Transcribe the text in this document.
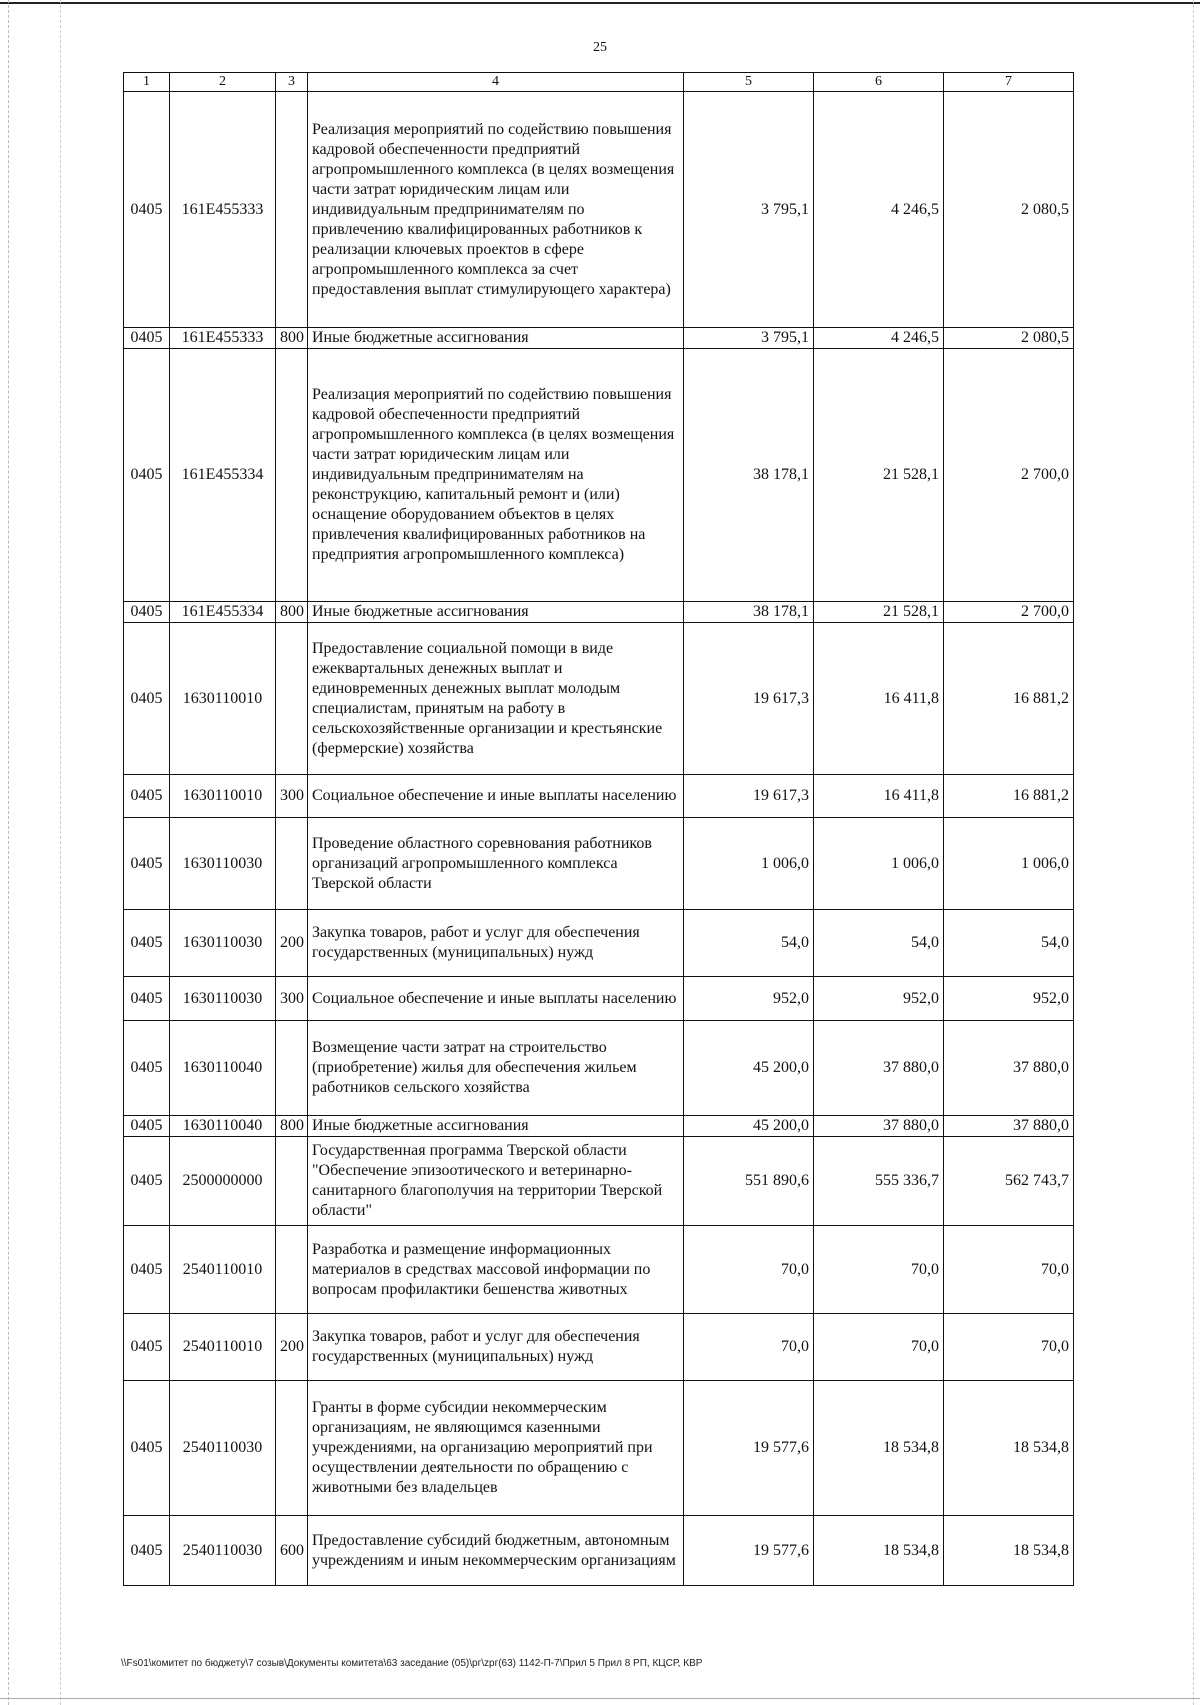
25
1	2	3	4	5	6	7
0405	161E455333		Реализация мероприятий по содействию повышения кадровой обеспеченности предприятий агропромышленного комплекса (в целях возмещения части затрат юридическим лицам или индивидуальным предпринимателям по привлечению квалифицированных работников к реализации ключевых проектов в сфере агропромышленного комплекса за счет предоставления выплат стимулирующего характера)	3 795,1	4 246,5	2 080,5
0405	161E455333	800	Иные бюджетные ассигнования	3 795,1	4 246,5	2 080,5
0405	161E455334		Реализация мероприятий по содействию повышения кадровой обеспеченности предприятий агропромышленного комплекса (в целях возмещения части затрат юридическим лицам или индивидуальным предпринимателям на реконструкцию, капитальный ремонт и (или) оснащение оборудованием объектов в целях привлечения квалифицированных работников на предприятия агропромышленного комплекса)	38 178,1	21 528,1	2 700,0
0405	161E455334	800	Иные бюджетные ассигнования	38 178,1	21 528,1	2 700,0
0405	1630110010		Предоставление социальной помощи в виде ежеквартальных денежных выплат и единовременных денежных выплат молодым специалистам, принятым на работу в сельскохозяйственные организации и крестьянские (фермерские) хозяйства	19 617,3	16 411,8	16 881,2
0405	1630110010	300	Социальное обеспечение и иные выплаты населению	19 617,3	16 411,8	16 881,2
0405	1630110030		Проведение областного соревнования работников организаций агропромышленного комплекса Тверской области	1 006,0	1 006,0	1 006,0
0405	1630110030	200	Закупка товаров, работ и услуг для обеспечения государственных (муниципальных) нужд	54,0	54,0	54,0
0405	1630110030	300	Социальное обеспечение и иные выплаты населению	952,0	952,0	952,0
0405	1630110040		Возмещение части затрат на строительство (приобретение) жилья для обеспечения жильем работников сельского хозяйства	45 200,0	37 880,0	37 880,0
0405	1630110040	800	Иные бюджетные ассигнования	45 200,0	37 880,0	37 880,0
0405	2500000000		Государственная программа Тверской области "Обеспечение эпизоотического и ветеринарно-санитарного благополучия на территории Тверской области"	551 890,6	555 336,7	562 743,7
0405	2540110010		Разработка и размещение информационных материалов в средствах массовой информации по вопросам профилактики бешенства животных	70,0	70,0	70,0
0405	2540110010	200	Закупка товаров, работ и услуг для обеспечения государственных (муниципальных) нужд	70,0	70,0	70,0
0405	2540110030		Гранты в форме субсидии некоммерческим организациям, не являющимся казенными учреждениями, на организацию мероприятий при осуществлении деятельности по обращению с животными без владельцев	19 577,6	18 534,8	18 534,8
0405	2540110030	600	Предоставление субсидий бюджетным, автономным учреждениям и иным некоммерческим организациям	19 577,6	18 534,8	18 534,8
\\Fs01\комитет по бюджету\7 созыв\Документы комитета\63 заседание (05)\рг\zрг(63) 1142-П-7\Прил 5 Прил 8 РП, КЦСР, КВР
